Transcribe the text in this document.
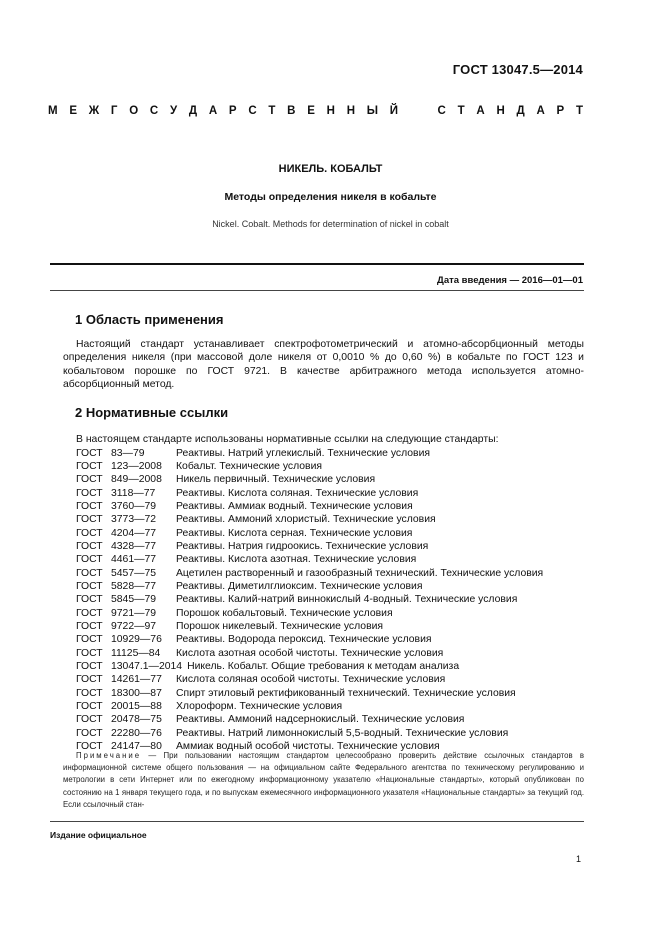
ГОСТ 13047.5—2014
М Е Ж Г О С У Д А Р С Т В Е Н Н Ы Й	С Т А Н Д А Р Т
НИКЕЛЬ. КОБАЛЬТ
Методы определения никеля в кобальте
Nickel. Cobalt. Methods for determination of nickel in cobalt
Дата введения — 2016—01—01
1 Область применения
Настоящий стандарт устанавливает спектрофотометрический и атомно-абсорбционный методы определения никеля (при массовой доле никеля от 0,0010 % до 0,60 %) в кобальте по ГОСТ 123 и кобальтовом порошке по ГОСТ 9721. В качестве арбитражного метода используется атомно-абсорбционный метод.
2 Нормативные ссылки
В настоящем стандарте использованы нормативные ссылки на следующие стандарты:
ГОСТ 83—79	Реактивы. Натрий углекислый. Технические условия
ГОСТ 123—2008 Кобальт. Технические условия
ГОСТ 849—2008 Никель первичный. Технические условия
ГОСТ 3118—77 Реактивы. Кислота соляная. Технические условия
ГОСТ 3760—79 Реактивы. Аммиак водный. Технические условия
ГОСТ 3773—72 Реактивы. Аммоний хлористый. Технические условия
ГОСТ 4204—77 Реактивы. Кислота серная. Технические условия
ГОСТ 4328—77 Реактивы. Натрия гидроокись. Технические условия
ГОСТ 4461—77 Реактивы. Кислота азотная. Технические условия
ГОСТ 5457—75 Ацетилен растворенный и газообразный технический. Технические условия
ГОСТ 5828—77 Реактивы. Диметилглиоксим. Технические условия
ГОСТ 5845—79 Реактивы. Калий-натрий виннокислый 4-водный. Технические условия
ГОСТ 9721—79 Порошок кобальтовый. Технические условия
ГОСТ 9722—97 Порошок никелевый. Технические условия
ГОСТ 10929—76 Реактивы. Водорода пероксид. Технические условия
ГОСТ 11125—84 Кислота азотная особой чистоты. Технические условия
ГОСТ 13047.1—2014 Никель. Кобальт. Общие требования к методам анализа
ГОСТ 14261—77 Кислота соляная особой чистоты. Технические условия
ГОСТ 18300—87 Спирт этиловый ректификованный технический. Технические условия
ГОСТ 20015—88 Хлороформ. Технические условия
ГОСТ 20478—75 Реактивы. Аммоний надсернокислый. Технические условия
ГОСТ 22280—76 Реактивы. Натрий лимоннокислый 5,5-водный. Технические условия
ГОСТ 24147—80 Аммиак водный особой чистоты. Технические условия
Примечание — При пользовании настоящим стандартом целесообразно проверить действие ссылочных стандартов в информационной системе общего пользования — на официальном сайте Федерального агентства по техническому регулированию и метрологии в сети Интернет или по ежегодному информационному указателю «Национальные стандарты», который опубликован по состоянию на 1 января текущего года, и по выпускам ежемесячного информационного указателя «Национальные стандарты» за текущий год. Если ссылочный стан-
Издание официальное
1
